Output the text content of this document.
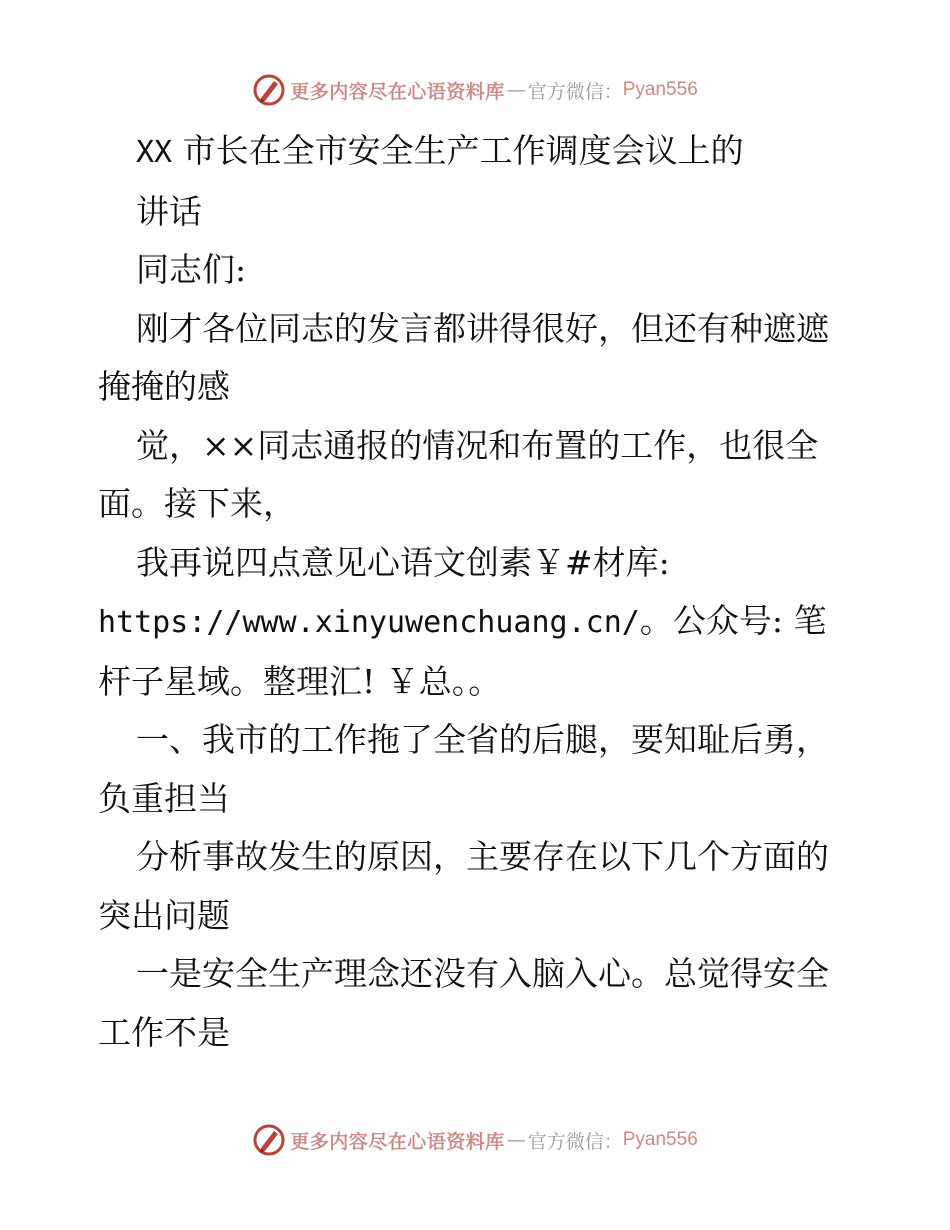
更多内容尽在心语资料库 — 官方微信： Pyan556

XX 市长在全市安全生产工作调度会议上的

讲话

同志们:

刚才各位同志的发言都讲得很好，但还有种遮遮掩掩的感

觉，××同志通报的情况和布置的工作，也很全面。接下来，

我再说四点意见心语文创素￥#材库: https://www.xinyuwenchuang.cn/。公众号: 笔杆子星域。整理汇! ￥总。。

一、我市的工作拖了全省的后腿，要知耻后勇，负重担当

分析事故发生的原因，主要存在以下几个方面的突出问题

一是安全生产理念还没有入脑入心。总觉得安全工作不是

更多内容尽在心语资料库 — 官方微信： Pyan556
